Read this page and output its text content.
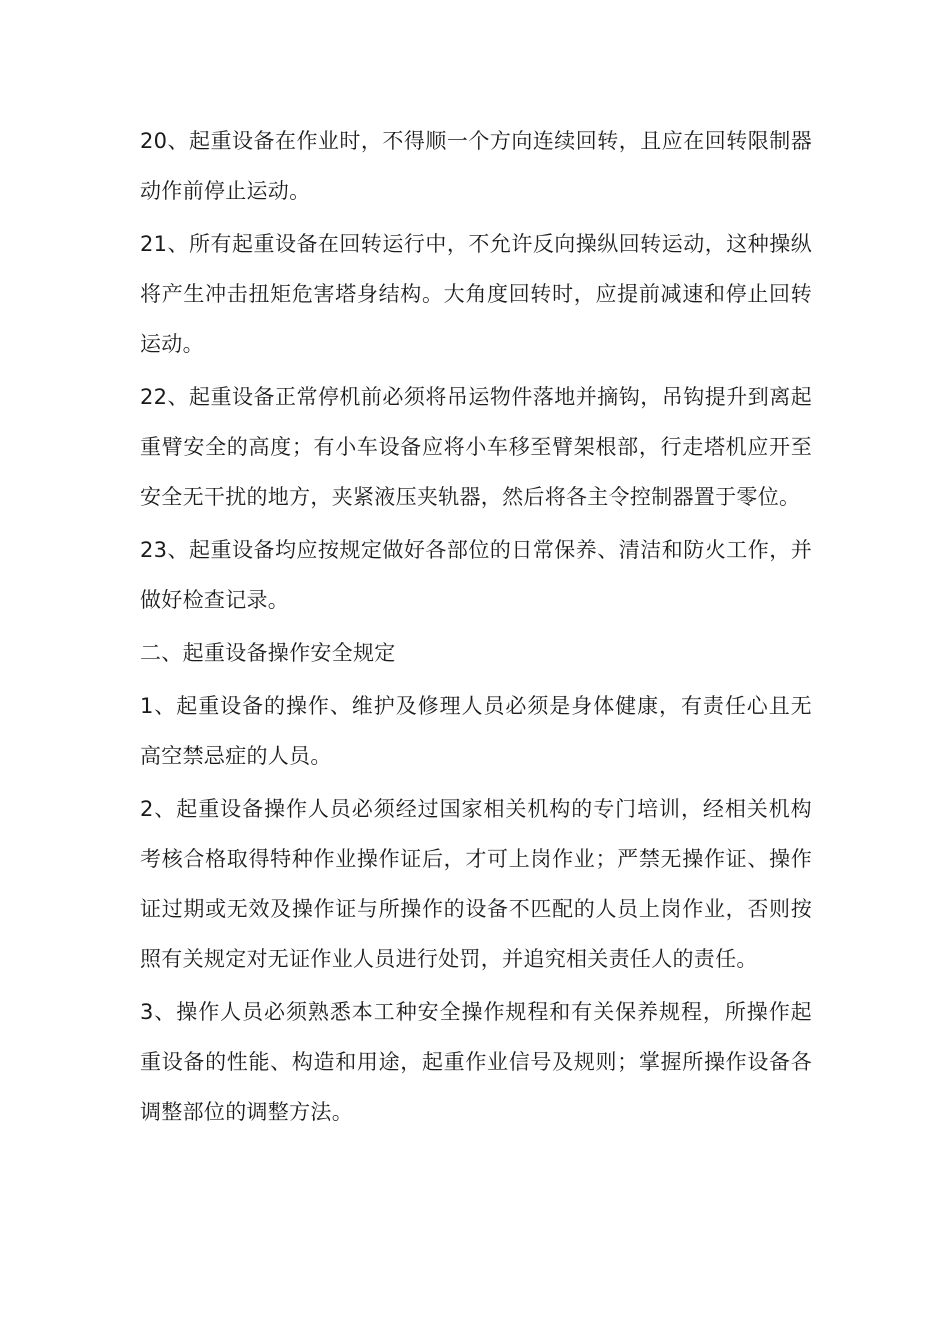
20、起重设备在作业时，不得顺一个方向连续回转，且应在回转限制器动作前停止运动。

21、所有起重设备在回转运行中，不允许反向操纵回转运动，这种操纵将产生冲击扭矩危害塔身结构。大角度回转时，应提前减速和停止回转运动。

22、起重设备正常停机前必须将吊运物件落地并摘钩，吊钩提升到离起重臂安全的高度；有小车设备应将小车移至臂架根部，行走塔机应开至安全无干扰的地方，夹紧液压夹轨器，然后将各主令控制器置于零位。

23、起重设备均应按规定做好各部位的日常保养、清洁和防火工作，并做好检查记录。

二、起重设备操作安全规定

1、起重设备的操作、维护及修理人员必须是身体健康，有责任心且无高空禁忌症的人员。

2、起重设备操作人员必须经过国家相关机构的专门培训，经相关机构考核合格取得特种作业操作证后，才可上岗作业；严禁无操作证、操作证过期或无效及操作证与所操作的设备不匹配的人员上岗作业，否则按照有关规定对无证作业人员进行处罚，并追究相关责任人的责任。

3、操作人员必须熟悉本工种安全操作规程和有关保养规程，所操作起重设备的性能、构造和用途，起重作业信号及规则；掌握所操作设备各调整部位的调整方法。
